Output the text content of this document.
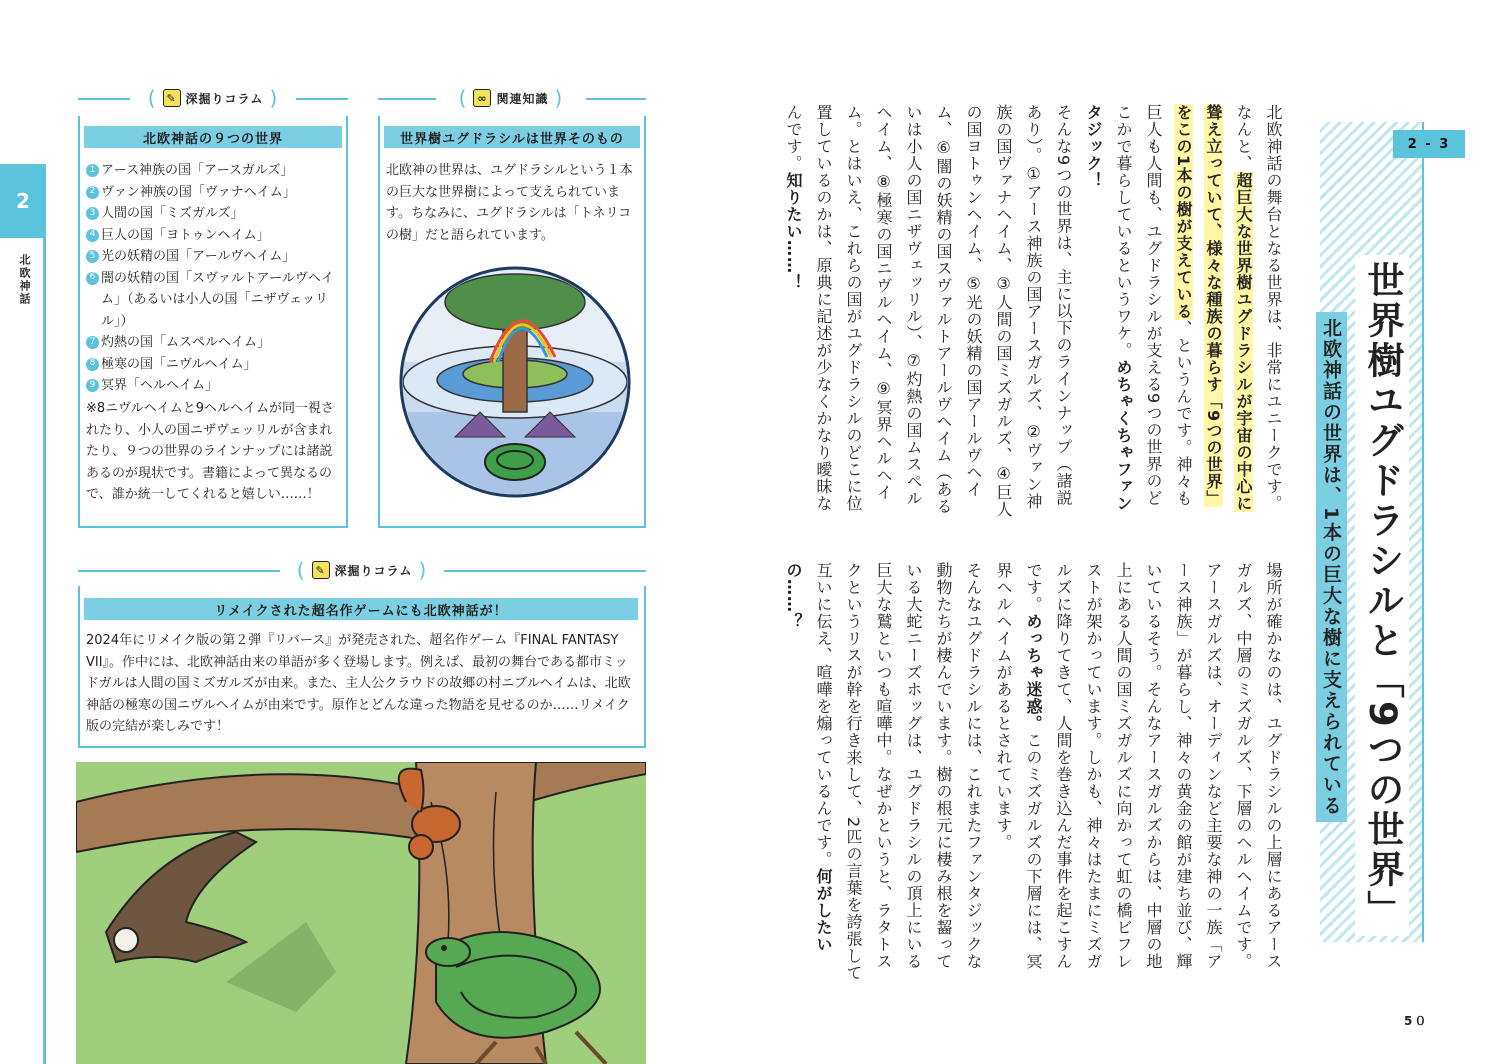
2
北欧神話
( ✎ 深掘りコラム )
北欧神話の９つの世界
1 アース神族の国「アースガルズ」
2 ヴァン神族の国「ヴァナヘイム」
3 人間の国「ミズガルズ」
4 巨人の国「ヨトゥンヘイム」
5 光の妖精の国「アールヴヘイム」
6 闇の妖精の国「スヴァルトアールヴヘイム」（あるいは小人の国「ニザヴェッリル」）
7 灼熱の国「ムスペルヘイム」
8 極寒の国「ニヴルヘイム」
9 冥界「ヘルヘイム」
※8ニヴルヘイムと9ヘルヘイムが同一視されたり、小人の国ニザヴェッリルが含まれたり、９つの世界のラインナップには諸説あるのが現状です。書籍によって異なるので、誰か統一してくれると嬉しい……！
( ∞ 関連知識 )
世界樹ユグドラシルは世界そのもの
北欧神の世界は、ユグドラシルという１本の巨大な世界樹によって支えられています。ちなみに、ユグドラシルは「トネリコの樹」だと語られています。
( ✎ 深掘りコラム )
リメイクされた超名作ゲームにも北欧神話が！
2024年にリメイク版の第２弾『リバース』が発売された、超名作ゲーム『FINAL FANTASY VII』。作中には、北欧神話由来の単語が多く登場します。例えば、最初の舞台である都市ミッドガルは人間の国ミズガルズが由来。また、主人公クラウドの故郷の村ニブルヘイムは、北欧神話の極寒の国ニヴルヘイムが由来です。原作とどんな違った物語を見せるのか……リメイク版の完結が楽しみです！
2 - 3
世界樹ユグドラシルと「9つの世界」
北欧神話の世界は、1本の巨大な樹に支えられている
北欧神話の舞台となる世界は、非常にユニークです。なんと、超巨大な世界樹ユグドラシルが宇宙の中心に聳え立っていて、様々な種族の暮らす「9つの世界」をこの1本の樹が支えている、というんです。神々も巨人も人間も、ユグドラシルが支える9つの世界のどこかで暮らしているというワケ。めちゃくちゃファンタジック！
そんな9つの世界は、主に以下のラインナップ（諸説あり）。①アース神族の国アースガルズ、②ヴァン神族の国ヴァナヘイム、③人間の国ミズガルズ、④巨人の国ヨトゥンヘイム、⑤光の妖精の国アールヴヘイム、⑥闇の妖精の国スヴァルトアールヴヘイム（あるいは小人の国ニザヴェッリル）、⑦灼熱の国ムスペルヘイム、⑧極寒の国ニヴルヘイム、⑨冥界ヘルヘイム。とはいえ、これらの国がユグドラシルのどこに位置しているのかは、原典に記述が少なくかなり曖昧なんです。知りたい……！
場所が確かなのは、ユグドラシルの上層にあるアースガルズ、中層のミズガルズ、下層のヘルヘイムです。アースガルズは、オーディンなど主要な神の一族「アース神族」が暮らし、神々の黄金の館が建ち並び、輝いているそう。そんなアースガルズからは、中層の地上にある人間の国ミズガルズに向かって虹の橋ビフレストが架かっています。しかも、神々はたまにミズガルズに降りてきて、人間を巻き込んだ事件を起こすんです。めっちゃ迷惑。このミズガルズの下層には、冥界ヘルヘイムがあるとされています。
そんなユグドラシルには、これまたファンタジックな動物たちが棲んでいます。樹の根元に棲み根を齧っている大蛇ニーズホッグは、ユグドラシルの頂上にいる巨大な鷲といつも喧嘩中。なぜかというと、ラタトスクというリスが幹を行き来して、2匹の言葉を誇張して互いに伝え、喧嘩を煽っているんです。何がしたいの……？
5０
